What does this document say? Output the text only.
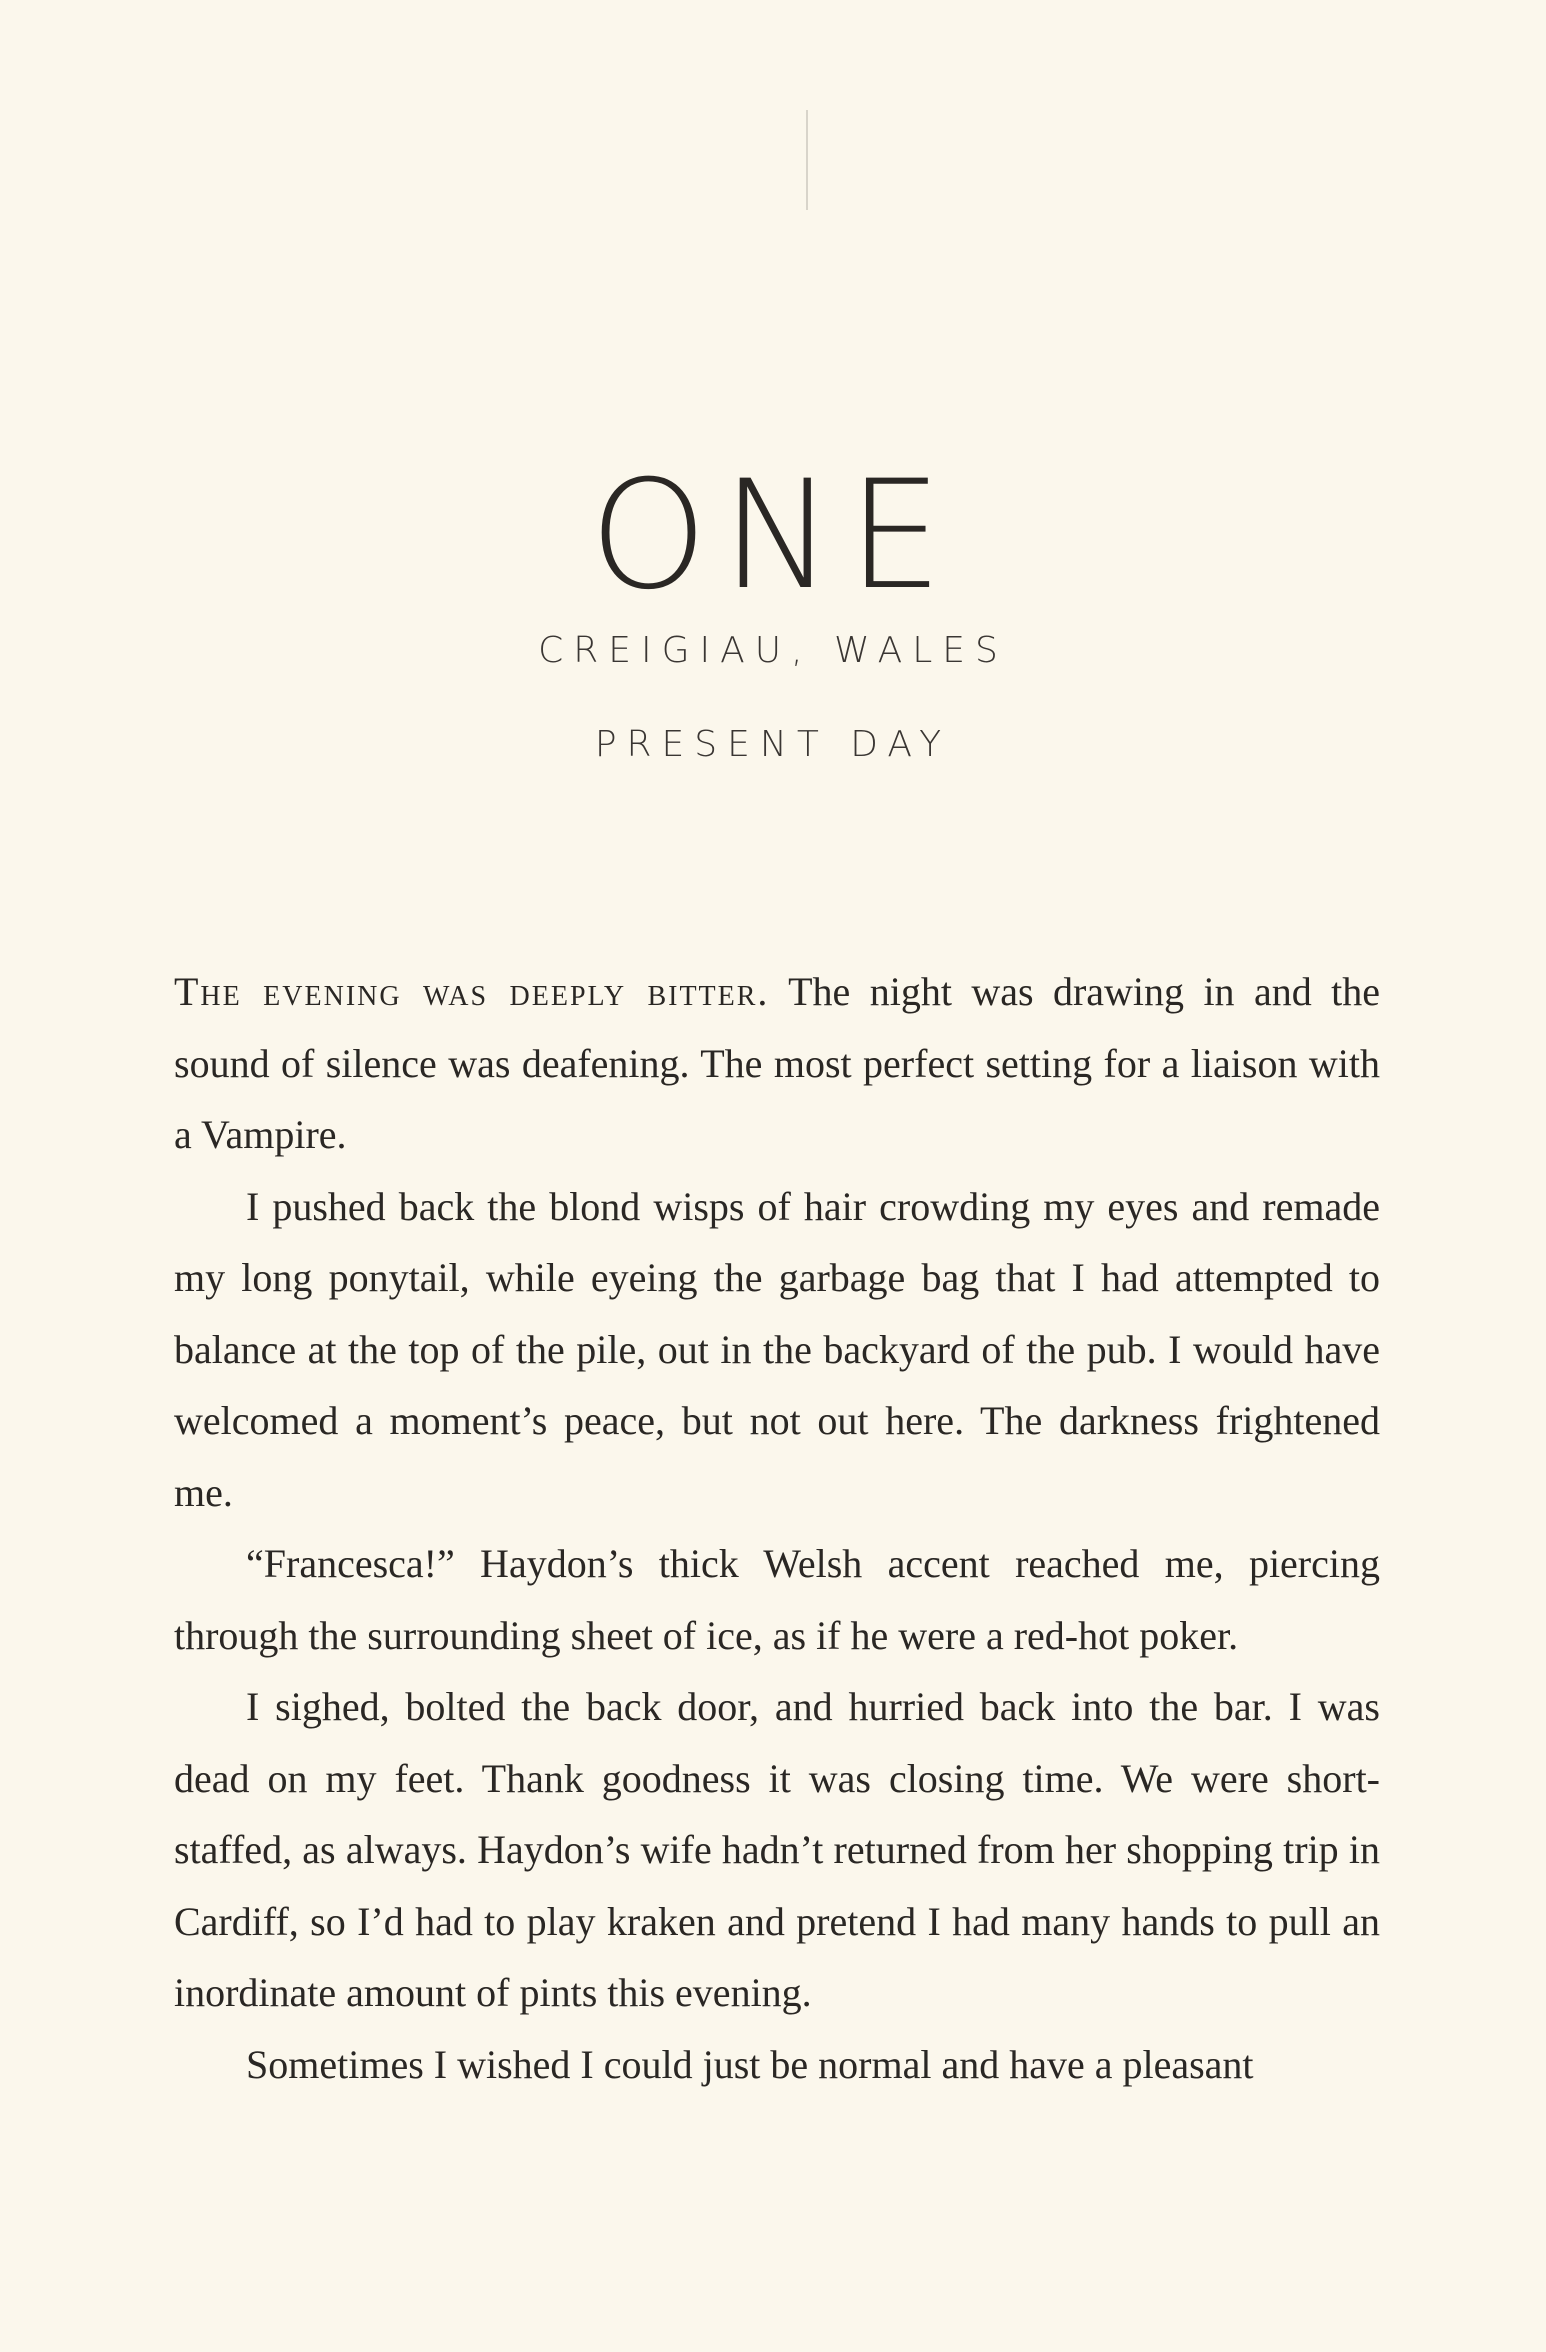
ONE
CREIGIAU, WALES
PRESENT DAY

The evening was deeply bitter. The night was drawing in and the sound of silence was deafening. The most perfect setting for a liaison with a Vampire.

I pushed back the blond wisps of hair crowding my eyes and remade my long ponytail, while eyeing the garbage bag that I had attempted to balance at the top of the pile, out in the backyard of the pub. I would have welcomed a moment’s peace, but not out here. The darkness frightened me.

“Francesca!” Haydon’s thick Welsh accent reached me, piercing through the surrounding sheet of ice, as if he were a red-hot poker.

I sighed, bolted the back door, and hurried back into the bar. I was dead on my feet. Thank goodness it was closing time. We were short-staffed, as always. Haydon’s wife hadn’t returned from her shopping trip in Cardiff, so I’d had to play kraken and pretend I had many hands to pull an inordinate amount of pints this evening.

Sometimes I wished I could just be normal and have a pleasant
